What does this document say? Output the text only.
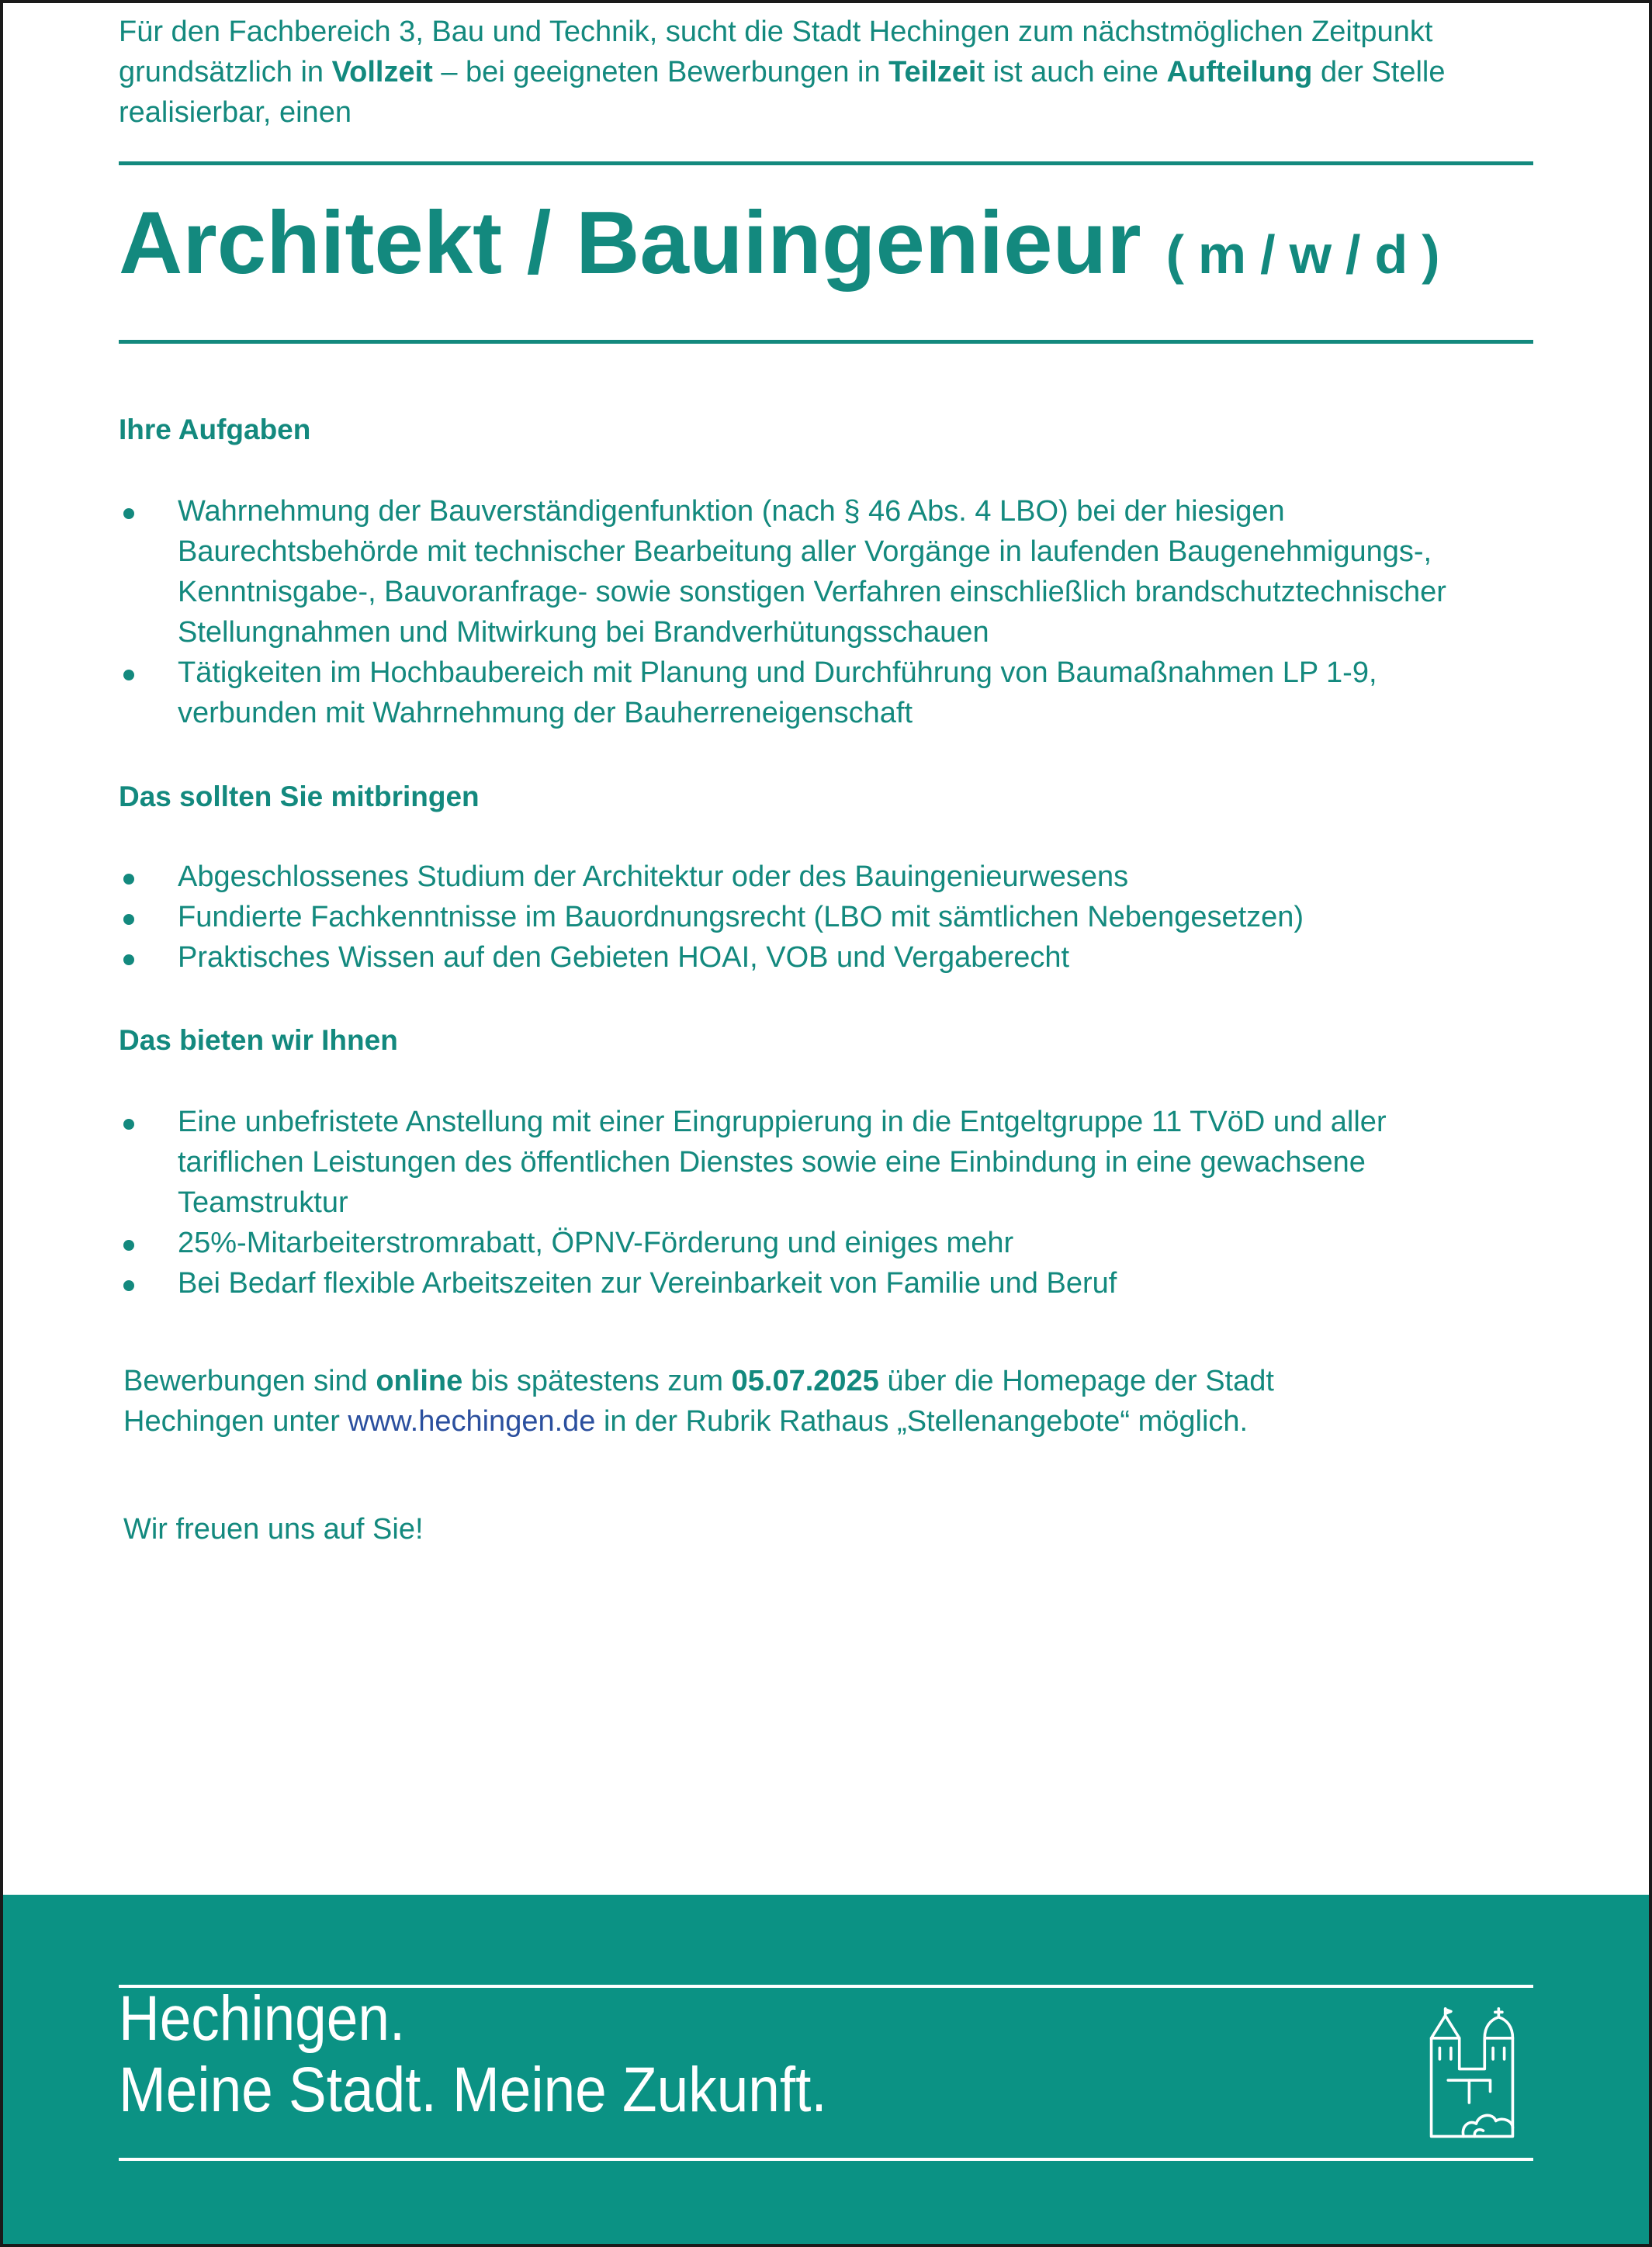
Für den Fachbereich 3, Bau und Technik, sucht die Stadt Hechingen zum nächstmöglichen Zeitpunkt
grundsätzlich in Vollzeit – bei geeigneten Bewerbungen in Teilzeit ist auch eine Aufteilung der Stelle
realisierbar, einen
Architekt / Bauingenieur (m/w/d)
Ihre Aufgaben
Wahrnehmung der Bauverständigenfunktion (nach § 46 Abs. 4 LBO) bei der hiesigen
Baurechtsbehörde mit technischer Bearbeitung aller Vorgänge in laufenden Baugenehmigungs-,
Kenntnisgabe-, Bauvoranfrage- sowie sonstigen Verfahren einschließlich brandschutztechnischer
Stellungnahmen und Mitwirkung bei Brandverhütungsschauen
Tätigkeiten im Hochbaubereich mit Planung und Durchführung von Baumaßnahmen LP 1-9,
verbunden mit Wahrnehmung der Bauherreneigenschaft
Das sollten Sie mitbringen
Abgeschlossenes Studium der Architektur oder des Bauingenieurwesens
Fundierte Fachkenntnisse im Bauordnungsrecht (LBO mit sämtlichen Nebengesetzen)
Praktisches Wissen auf den Gebieten HOAI, VOB und Vergaberecht
Das bieten wir Ihnen
Eine unbefristete Anstellung mit einer Eingruppierung in die Entgeltgruppe 11 TVöD und aller
tariflichen Leistungen des öffentlichen Dienstes sowie eine Einbindung in eine gewachsene
Teamstruktur
25%-Mitarbeiterstromrabatt, ÖPNV-Förderung und einiges mehr
Bei Bedarf flexible Arbeitszeiten zur Vereinbarkeit von Familie und Beruf
Bewerbungen sind online bis spätestens zum 05.07.2025 über die Homepage der Stadt
Hechingen unter www.hechingen.de in der Rubrik Rathaus „Stellenangebote“ möglich.
Wir freuen uns auf Sie!
Hechingen.
Meine Stadt. Meine Zukunft.
